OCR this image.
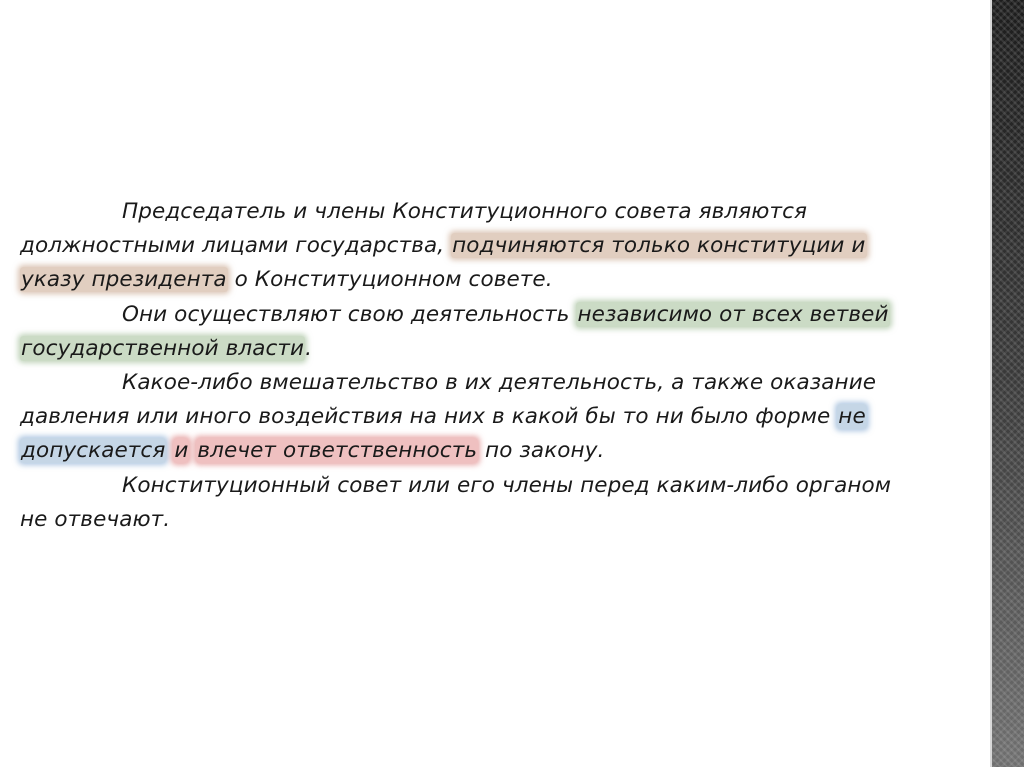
Председатель и члены Конституционного совета являются должностными лицами государства, подчиняются только конституции и указу президента о Конституционном совете.

Они осуществляют свою деятельность независимо от всех ветвей государственной власти.

Какое-либо вмешательство в их деятельность, а также оказание давления или иного воздействия на них в какой бы то ни было форме не допускается и влечет ответственность по закону.

Конституционный совет или его члены перед каким-либо органом не отвечают.
